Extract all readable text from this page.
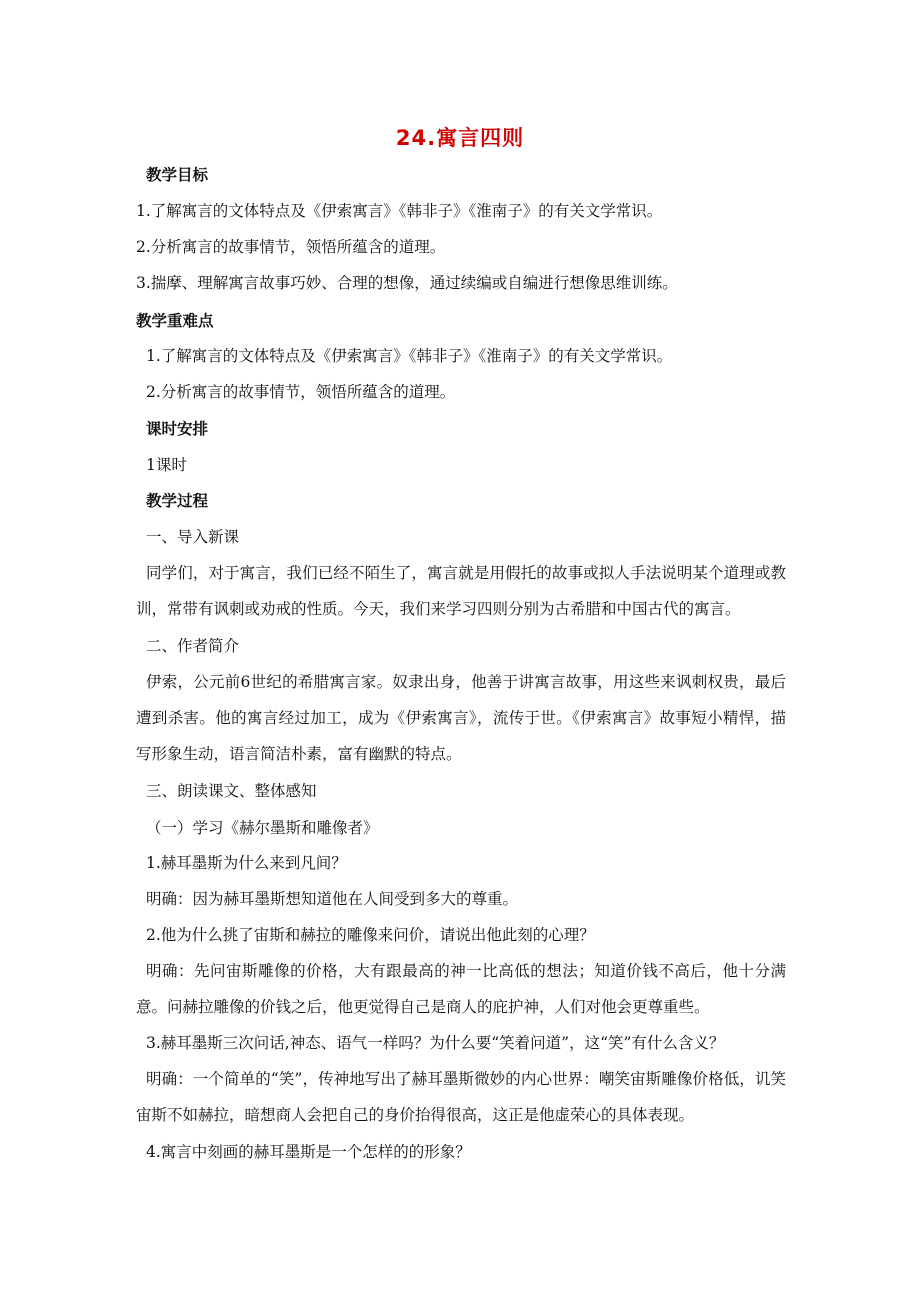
24.寓言四则
教学目标
1.了解寓言的文体特点及《伊索寓言》《韩非子》《淮南子》的有关文学常识。
2.分析寓言的故事情节，领悟所蕴含的道理。
3.揣摩、理解寓言故事巧妙、合理的想像，通过续编或自编进行想像思维训练。
教学重难点
1.了解寓言的文体特点及《伊索寓言》《韩非子》《淮南子》的有关文学常识。
2.分析寓言的故事情节，领悟所蕴含的道理。
课时安排
1课时
教学过程
一、导入新课
同学们，对于寓言，我们已经不陌生了，寓言就是用假托的故事或拟人手法说明某个道理或教训，常带有讽刺或劝戒的性质。今天，我们来学习四则分别为古希腊和中国古代的寓言。
二、作者简介
伊索，公元前6世纪的希腊寓言家。奴隶出身，他善于讲寓言故事，用这些来讽刺权贵，最后遭到杀害。他的寓言经过加工，成为《伊索寓言》，流传于世。《伊索寓言》故事短小精悍，描写形象生动，语言简洁朴素，富有幽默的特点。
三、朗读课文、整体感知
（一）学习《赫尔墨斯和雕像者》
1.赫耳墨斯为什么来到凡间？
明确：因为赫耳墨斯想知道他在人间受到多大的尊重。
2.他为什么挑了宙斯和赫拉的雕像来问价，请说出他此刻的心理？
明确：先问宙斯雕像的价格，大有跟最高的神一比高低的想法；知道价钱不高后，他十分满意。问赫拉雕像的价钱之后，他更觉得自己是商人的庇护神，人们对他会更尊重些。
3.赫耳墨斯三次问话,神态、语气一样吗？为什么要“笑着问道”，这“笑”有什么含义？
明确：一个简单的“笑”，传神地写出了赫耳墨斯微妙的内心世界：嘲笑宙斯雕像价格低，讥笑宙斯不如赫拉，暗想商人会把自己的身价抬得很高，这正是他虚荣心的具体表现。
4.寓言中刻画的赫耳墨斯是一个怎样的的形象？
